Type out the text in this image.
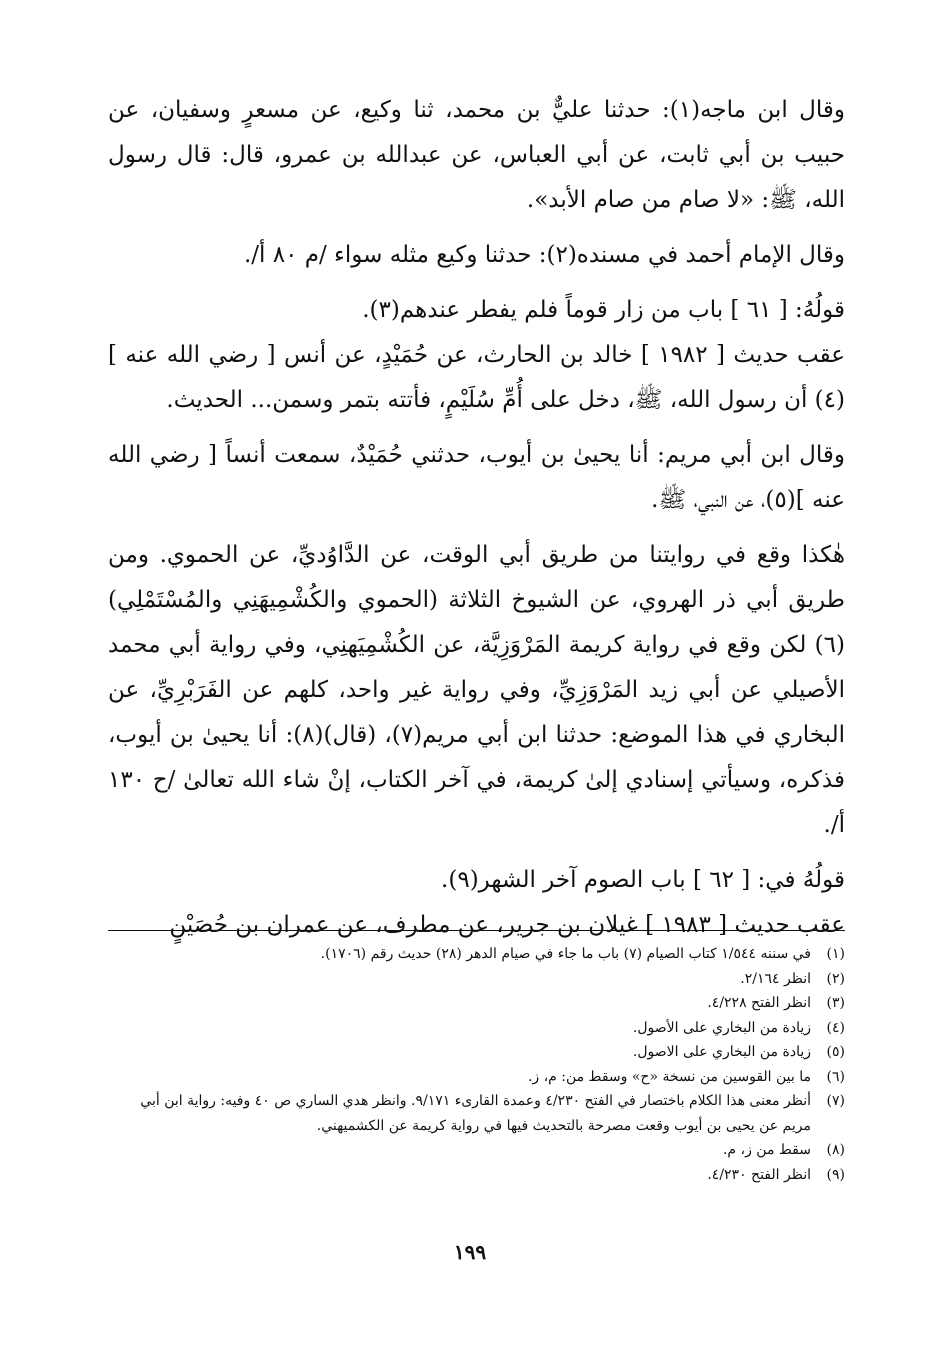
وقال ابن ماجه(١): حدثنا عليٌّ بن محمد، ثنا وكيع، عن مسعرٍ وسفيان، عن حبيب بن أبي ثابت، عن أبي العباس، عن عبدالله بن عمرو، قال: قال رسول الله، ﷺ: «لا صام من صام الأبد».

وقال الإمام أحمد في مسنده(٢): حدثنا وكيع مثله سواء /م ٨٠ أ/.

قولُهُ: [ ٦١ ] باب من زار قوماً فلم يفطر عندهم(٣).

عقب حديث [ ١٩٨٢ ] خالد بن الحارث، عن حُمَيْدٍ، عن أنس [ رضي الله عنه ](٤) أن رسول الله، ﷺ، دخل على أُمِّ سُلَيْمٍ، فأتته بتمر وسمن... الحديث.

وقال ابن أبي مريم: أنا يحيىٰ بن أيوب، حدثني حُمَيْدٌ، سمعت أنساً [ رضي الله عنه ](٥)، عن النبي، ﷺ.

هٰكذا وقع في روايتنا من طريق أبي الوقت، عن الدَّاوُديِّ، عن الحموي. ومن طريق أبي ذر الهروي، عن الشيوخ الثلاثة (الحموي والكُشْمِيهَنِي والمُسْتَمْلِي)(٦) لكن وقع في رواية كريمة المَرْوَزِيَّة، عن الكُشْمِيَهنِي، وفي رواية أبي محمد الأصيلي عن أبي زيد المَرْوَزِيِّ، وفي رواية غير واحد، كلهم عن الفَرَبْرِيِّ، عن البخاري في هذا الموضع: حدثنا ابن أبي مريم(٧)، (قال)(٨): أنا يحيىٰ بن أيوب، فذكره، وسيأتي إسنادي إلىٰ كريمة، في آخر الكتاب، إنْ شاء الله تعالىٰ /ح ١٣٠ أ/.

قولُهُ في: [ ٦٢ ] باب الصوم آخر الشهر(٩).

عقب حديث [ ١٩٨٣ ] غيلان بن جرير، عن مطرف، عن عمران بن حُصَيْنٍ

(١)
في سننه ١/٥٤٤ كتاب الصيام (٧) باب ما جاء في صيام الدهر (٢٨) حديث رقم (١٧٠٦).
(٢)
انظر ٢/١٦٤.
(٣)
انظر الفتح ٤/٢٢٨.
(٤)
زيادة من البخاري على الأصول.
(٥)
زيادة من البخاري على الاصول.
(٦)
ما بين القوسين من نسخة «ح» وسقط من: م، ز.
(٧)
أنظر معنى هذا الكلام باختصار في الفتح ٤/٢٣٠ وعمدة القارىء ٩/١٧١. وانظر هدي الساري ص ٤٠ وفيه: رواية ابن أبي مريم عن يحيى بن أيوب وقعت مصرحة بالتحديث فيها في رواية كريمة عن الكشميهني.
(٨)
سقط من ز، م.
(٩)
انظر الفتح ٤/٢٣٠.
١٩٩
